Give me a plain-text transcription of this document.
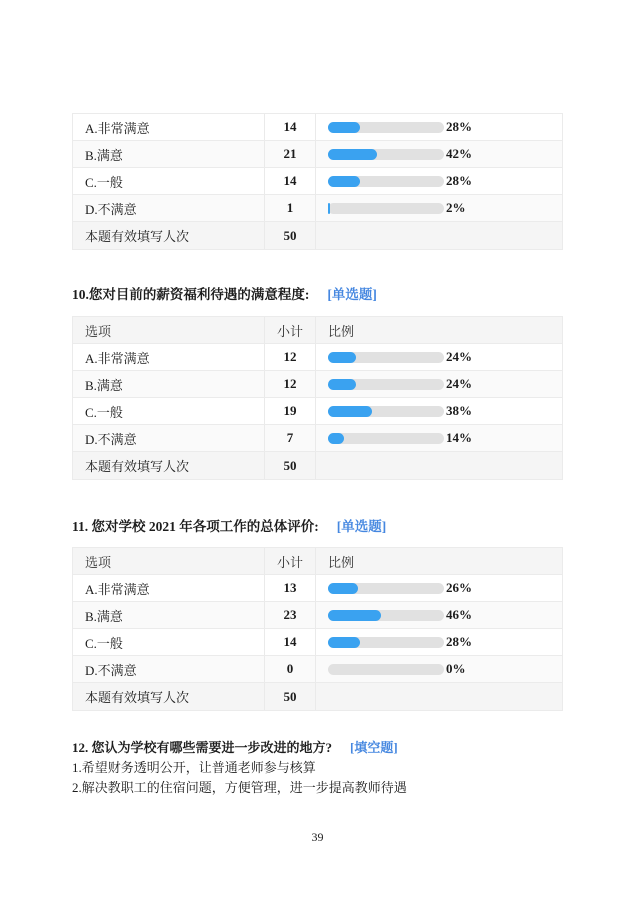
A.非常满意	14	28%
B.满意	21	42%
C.一般	14	28%
D.不满意	1	2%
本题有效填写人次	50
10.您对目前的薪资福利待遇的满意程度: [单选题]
选项	小计	比例
A.非常满意	12	24%
B.满意	12	24%
C.一般	19	38%
D.不满意	7	14%
本题有效填写人次	50
11. 您对学校 2021 年各项工作的总体评价: [单选题]
选项	小计	比例
A.非常满意	13	26%
B.满意	23	46%
C.一般	14	28%
D.不满意	0	0%
本题有效填写人次	50
12. 您认为学校有哪些需要进一步改进的地方? [填空题]
1.希望财务透明公开，让普通老师参与核算
2.解决教职工的住宿问题，方便管理，进一步提高教师待遇
39
